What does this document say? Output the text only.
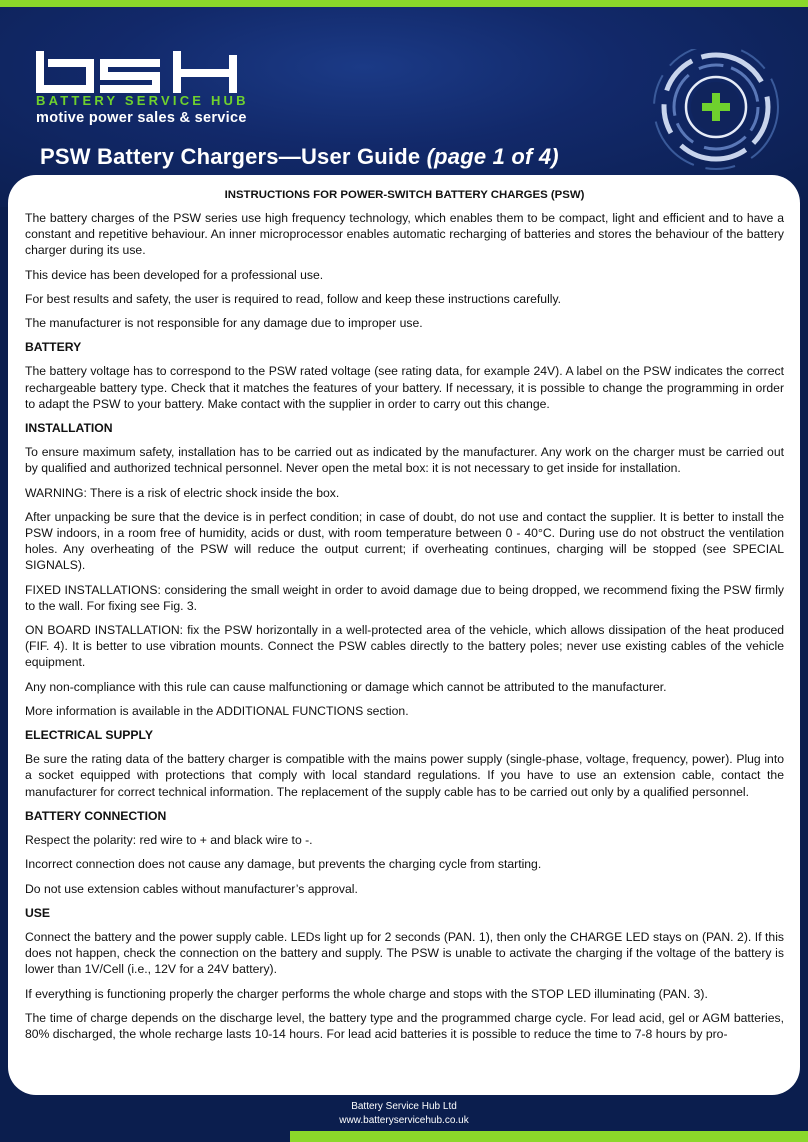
BATTERY SERVICE HUB
motive power sales & service
PSW Battery Chargers—User Guide (page 1 of 4)
INSTRUCTIONS FOR POWER-SWITCH BATTERY CHARGES (PSW)

The battery charges of the PSW series use high frequency technology, which enables them to be compact, light and efficient and to have a constant and repetitive behaviour. An inner microprocessor enables automatic recharging of batteries and stores the behaviour of the battery charger during its use.

This device has been developed for a professional use.

For best results and safety, the user is required to read, follow and keep these instructions carefully.

The manufacturer is not responsible for any damage due to improper use.

BATTERY

The battery voltage has to correspond to the PSW rated voltage (see rating data, for example 24V). A label on the PSW indicates the correct rechargeable battery type. Check that it matches the features of your battery. If necessary, it is possible to change the programming in order to adapt the PSW to your battery. Make contact with the supplier in order to carry out this change.

INSTALLATION

To ensure maximum safety, installation has to be carried out as indicated by the manufacturer. Any work on the charger must be carried out by qualified and authorized technical personnel. Never open the metal box: it is not necessary to get inside for installation.

WARNING: There is a risk of electric shock inside the box.

After unpacking be sure that the device is in perfect condition; in case of doubt, do not use and contact the supplier. It is better to install the PSW indoors, in a room free of humidity, acids or dust, with room temperature between 0 - 40°C. During use do not obstruct the ventilation holes. Any overheating of the PSW will reduce the output current; if overheating continues, charging will be stopped (see SPECIAL SIGNALS).

FIXED INSTALLATIONS: considering the small weight in order to avoid damage due to being dropped, we recommend fixing the PSW firmly to the wall. For fixing see Fig. 3.

ON BOARD INSTALLATION: fix the PSW horizontally in a well-protected area of the vehicle, which allows dissipation of the heat produced (FIF. 4). It is better to use vibration mounts. Connect the PSW cables directly to the battery poles; never use existing cables of the vehicle equipment.

Any non-compliance with this rule can cause malfunctioning or damage which cannot be attributed to the manufacturer.

More information is available in the ADDITIONAL FUNCTIONS section.

ELECTRICAL SUPPLY

Be sure the rating data of the battery charger is compatible with the mains power supply (single-phase, voltage, frequency, power). Plug into a socket equipped with protections that comply with local standard regulations. If you have to use an extension cable, contact the manufacturer for correct technical information. The replacement of the supply cable has to be carried out only by a qualified personnel.

BATTERY CONNECTION

Respect the polarity: red wire to + and black wire to -.

Incorrect connection does not cause any damage, but prevents the charging cycle from starting.

Do not use extension cables without manufacturer’s approval.

USE

Connect the battery and the power supply cable. LEDs light up for 2 seconds (PAN. 1), then only the CHARGE LED stays on (PAN. 2). If this does not happen, check the connection on the battery and supply. The PSW is unable to activate the charging if the voltage of the battery is lower than 1V/Cell (i.e., 12V for a 24V battery).

If everything is functioning properly the charger performs the whole charge and stops with the STOP LED illuminating (PAN. 3).

The time of charge depends on the discharge level, the battery type and the programmed charge cycle. For lead acid, gel or AGM batteries, 80% discharged, the whole recharge lasts 10-14 hours. For lead acid batteries it is possible to reduce the time to 7-8 hours by pro-

Battery Service Hub Ltd
www.batteryservicehub.co.uk
